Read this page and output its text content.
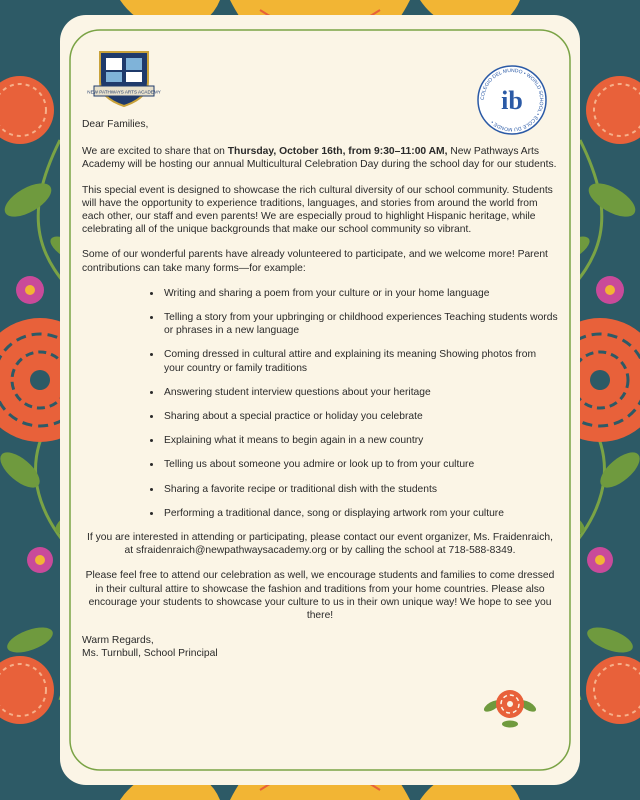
NEW PATHWAYS ARTS ACADEMY
COLEGIO DEL MUNDO • WORLD SCHOOL • ÉCOLE DU MONDE •
ib

Dear Families,

We are excited to share that on Thursday, October 16th, from 9:30–11:00 AM, New Pathways Arts Academy will be hosting our annual Multicultural Celebration Day during the school day for our students.

This special event is designed to showcase the rich cultural diversity of our school community. Students will have the opportunity to experience traditions, languages, and stories from around the world from each other, our staff and even parents! We are especially proud to highlight Hispanic heritage, while celebrating all of the unique backgrounds that make our school community so vibrant.

Some of our wonderful parents have already volunteered to participate, and we welcome more! Parent contributions can take many forms—for example:

• Writing and sharing a poem from your culture or in your home language
• Telling a story from your upbringing or childhood experiences Teaching students words or phrases in a new language
• Coming dressed in cultural attire and explaining its meaning Showing photos from your country or family traditions
• Answering student interview questions about your heritage
• Sharing about a special practice or holiday you celebrate
• Explaining what it means to begin again in a new country
• Telling us about someone you admire or look up to from your culture
• Sharing a favorite recipe or traditional dish with the students
• Performing a traditional dance, song or displaying artwork rom your culture

If you are interested in attending or participating, please contact our event organizer, Ms. Fraidenraich, at sfraidenraich@newpathwaysacademy.org or by calling the school at 718-588-8349.

Please feel free to attend our celebration as well, we encourage students and families to come dressed in their cultural attire to showcase the fashion and traditions from your home countries. Please also encourage your students to showcase your culture to us in their own unique way! We hope to see you there!

Warm Regards,
Ms. Turnbull, School Principal
